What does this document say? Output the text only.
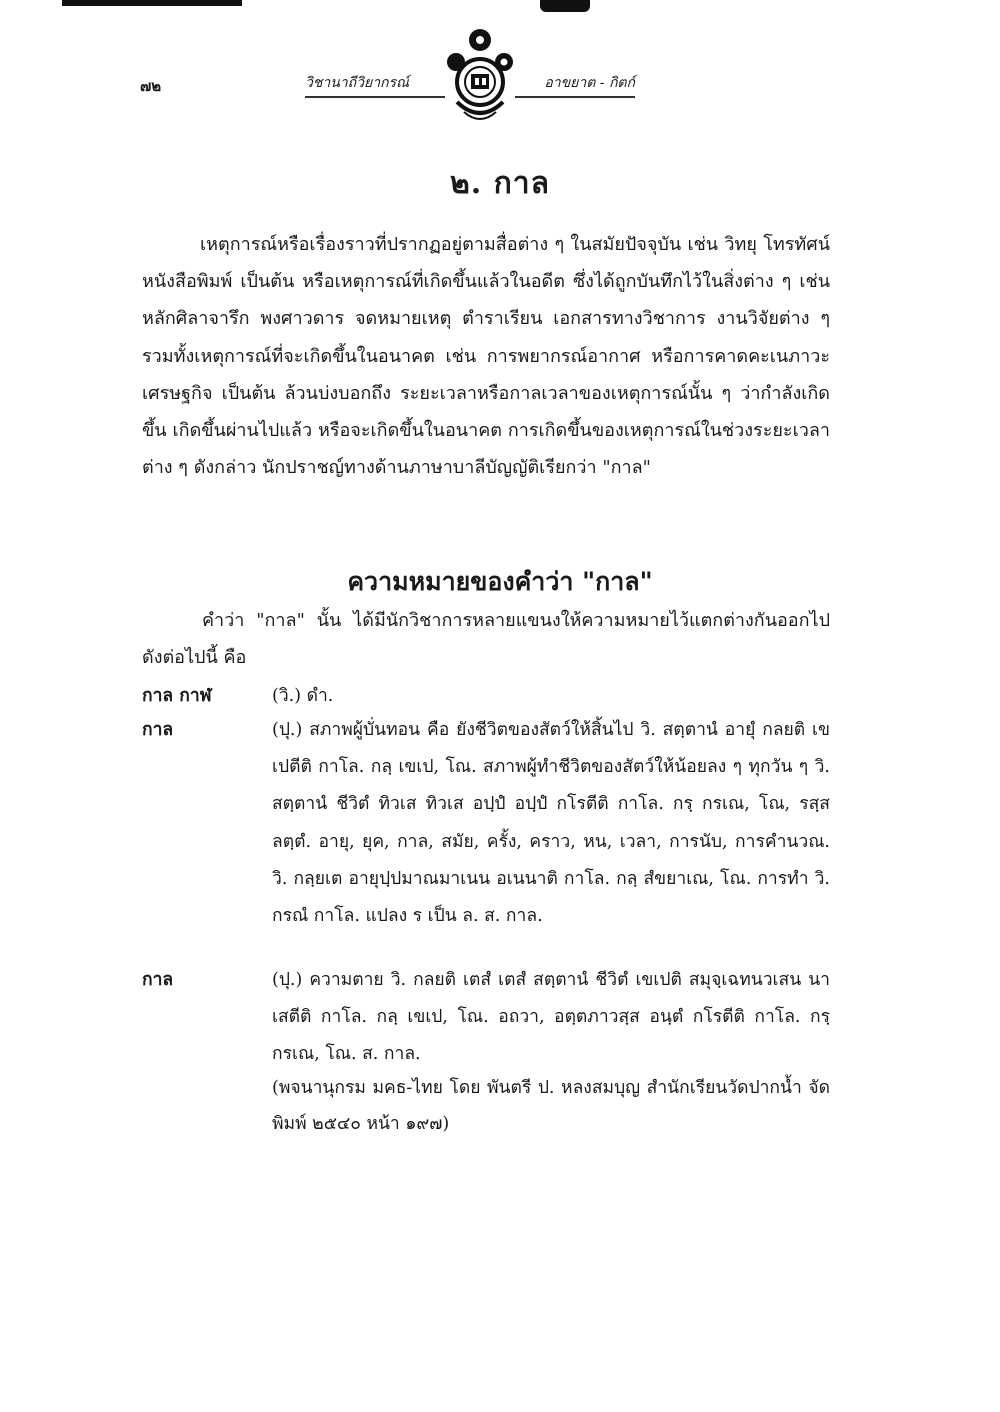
๗๒	วิชานาถีวิยากรณ์	อาขยาต - กิตก์
๒. กาล

เหตุการณ์หรือเรื่องราวที่ปรากฏอยู่ตามสื่อต่าง ๆ ในสมัยปัจจุบัน เช่น วิทยุ โทรทัศน์ หนังสือพิมพ์ เป็นต้น หรือเหตุการณ์ที่เกิดขึ้นแล้วในอดีต ซึ่งได้ถูกบันทึกไว้ในสิ่งต่าง ๆ เช่น หลักศิลาจารึก พงศาวดาร จดหมายเหตุ ตำราเรียน เอกสารทางวิชาการ งานวิจัยต่าง ๆ รวมทั้งเหตุการณ์ที่จะเกิดขึ้นในอนาคต เช่น การพยากรณ์อากาศ หรือการคาดคะเนภาวะเศรษฐกิจ เป็นต้น ล้วนบ่งบอกถึง ระยะเวลาหรือกาลเวลาของเหตุการณ์นั้น ๆ ว่ากำลังเกิดขึ้น เกิดขึ้นผ่านไปแล้ว หรือจะเกิดขึ้นในอนาคต การเกิดขึ้นของเหตุการณ์ในช่วงระยะเวลาต่าง ๆ ดังกล่าว นักปราชญ์ทางด้านภาษาบาลีบัญญัติเรียกว่า "กาล"

ความหมายของคำว่า "กาล"

คำว่า "กาล" นั้น ได้มีนักวิชาการหลายแขนงให้ความหมายไว้แตกต่างกันออกไป ดังต่อไปนี้ คือ

กาล กาฬ	(วิ.) ดำ.

กาล	(ปุ.) สภาพผู้บั่นทอน คือ ยังชีวิตของสัตว์ให้สิ้นไป วิ. สตฺตานํ อายุํ กลยติ เขเปตีติ กาโล. กลฺ เขเป, โณ. สภาพผู้ทำชีวิตของสัตว์ให้น้อยลง ๆ ทุกวัน ๆ วิ. สตฺตานํ ชีวิตํ ทิวเส ทิวเส อปฺปํ อปฺปํ กโรตีติ กาโล. กรฺ กรเณ, โณ, รสฺส ลตฺตํ. อายุ, ยุค, กาล, สมัย, ครั้ง, คราว, หน, เวลา, การนับ, การคำนวณ. วิ. กลฺยเต อายุปฺปมาณมาเนน อเนนาติ กาโล. กลฺ สํขยาเณ, โณ. การทำ วิ. กรณํ กาโล. แปลง ร เป็น ล. ส. กาล.

กาล	(ปุ.) ความตาย วิ. กลยติ เตสํ เตสํ สตฺตานํ ชีวิตํ เขเปติ สมุจฺเฉทนวเสน นาเสตีติ กาโล. กลฺ เขเป, โณ. อถวา, อตฺตภาวสฺส อนฺตํ กโรตีติ กาโล. กรฺ กรเณ, โณ. ส. กาล.

(พจนานุกรม มคธ-ไทย โดย พันตรี ป. หลงสมบุญ สำนักเรียนวัดปากน้ำ จัดพิมพ์ ๒๕๔๐ หน้า ๑๙๗)
